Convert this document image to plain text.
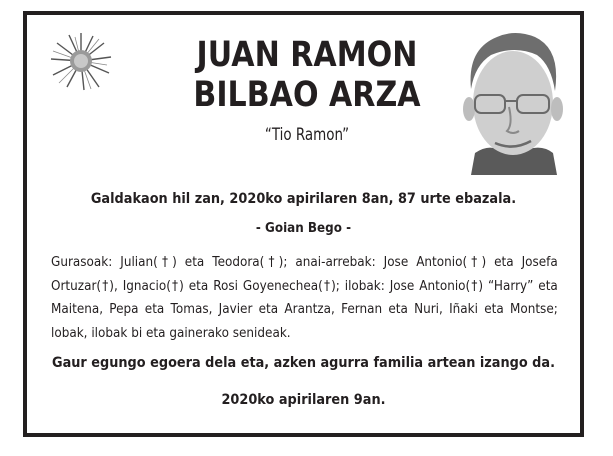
JUAN RAMON
BILBAO ARZA
“Tio Ramon”
Galdakaon hil zan, 2020ko apirilaren 8an, 87 urte ebazala.
- Goian Bego -
Gurasoak: Julian(†) eta Teodora(†); anai-arrebak: Jose Antonio(†) eta Josefa Ortuzar(†), Ignacio(†) eta Rosi Goyenechea(†); ilobak: Jose Antonio(†) “Harry” eta Maitena, Pepa eta Tomas, Javier eta Arantza, Fernan eta Nuri, Iñaki eta Montse; lobak, ilobak bi eta gainerako senideak.
Gaur egungo egoera dela eta, azken agurra familia artean izango da.
2020ko apirilaren 9an.
